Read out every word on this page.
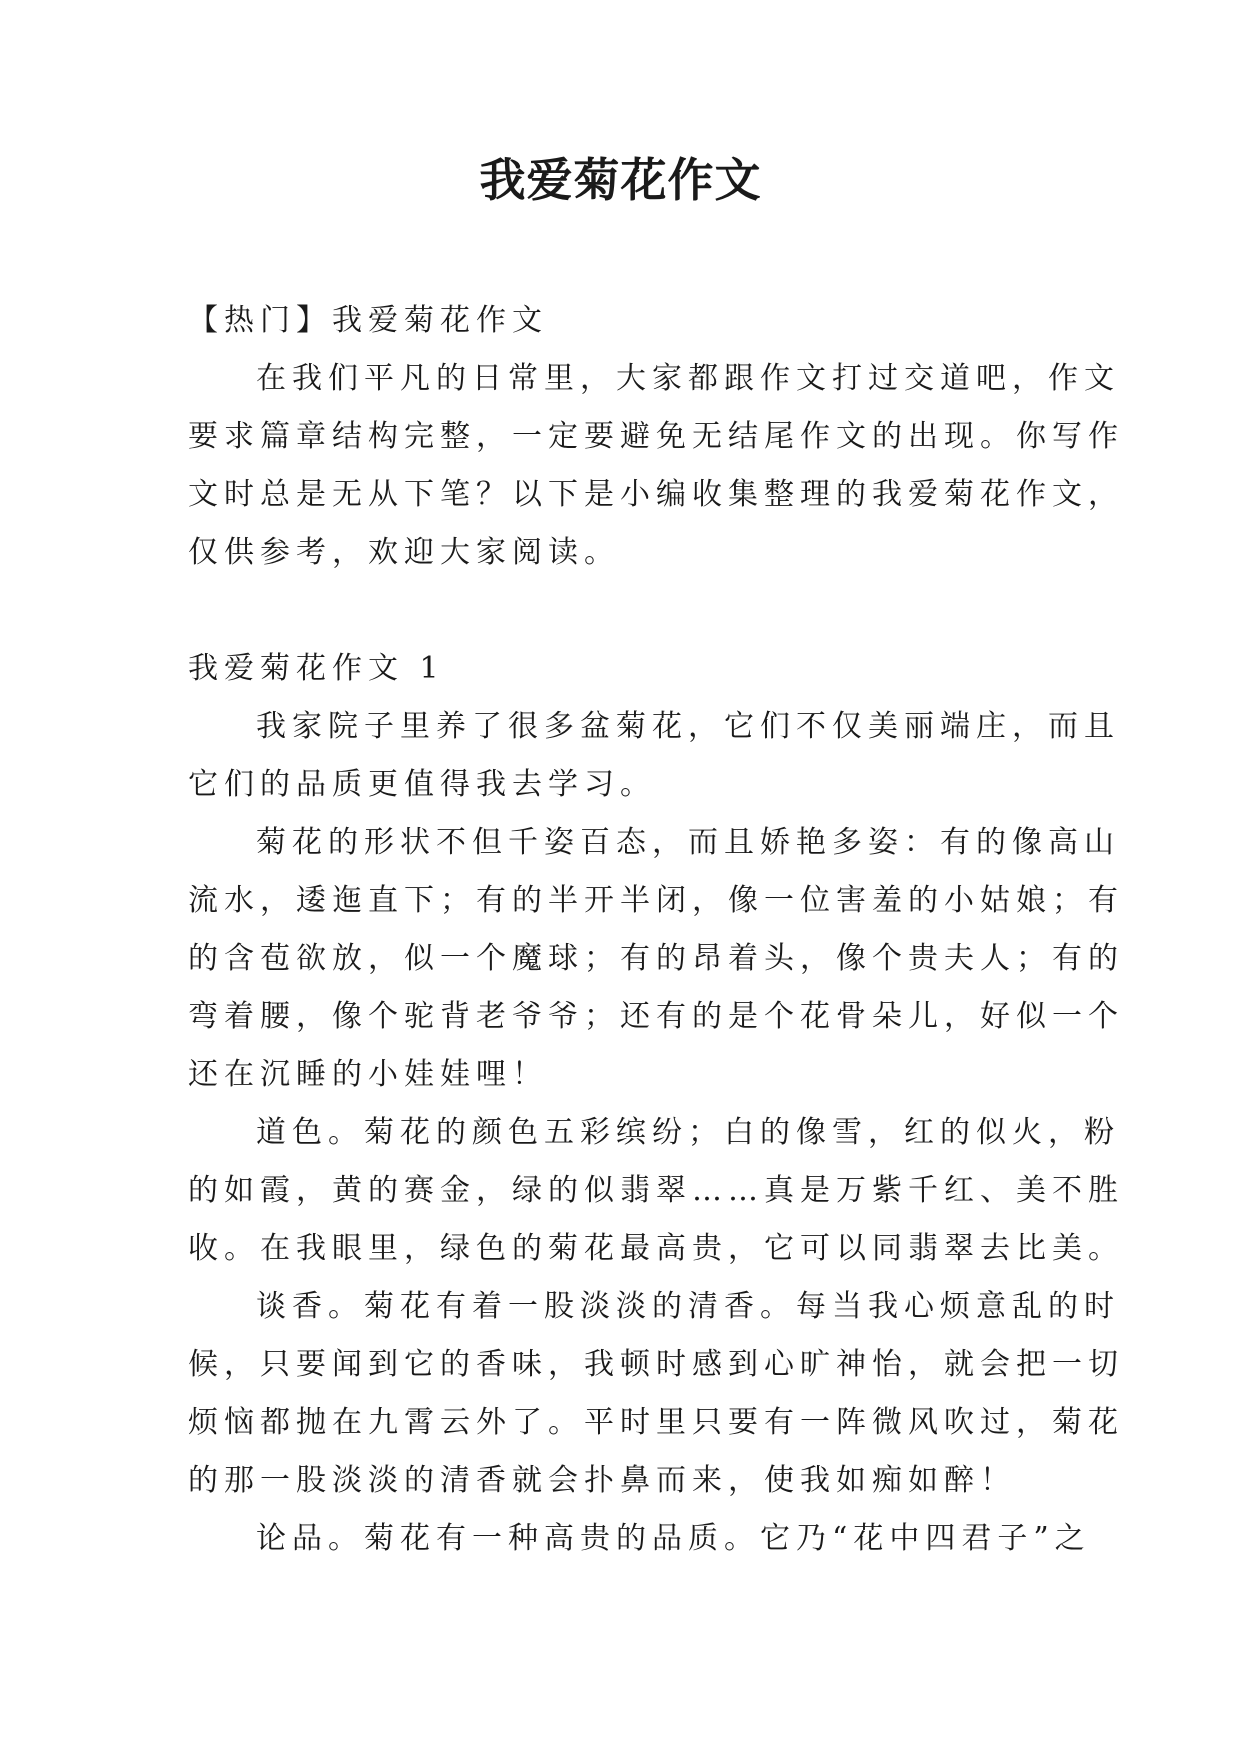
我爱菊花作文
【热门】我爱菊花作文
在我们平凡的日常里，大家都跟作文打过交道吧，作文
要求篇章结构完整，一定要避免无结尾作文的出现。你写作
文时总是无从下笔？以下是小编收集整理的我爱菊花作文，
仅供参考，欢迎大家阅读。
我爱菊花作文 1
我家院子里养了很多盆菊花，它们不仅美丽端庄，而且
它们的品质更值得我去学习。
菊花的形状不但千姿百态，而且娇艳多姿：有的像高山
流水，逶迤直下；有的半开半闭，像一位害羞的小姑娘；有
的含苞欲放，似一个魔球；有的昂着头，像个贵夫人；有的
弯着腰，像个驼背老爷爷；还有的是个花骨朵儿，好似一个
还在沉睡的小娃娃哩！
道色。菊花的颜色五彩缤纷；白的像雪，红的似火，粉
的如霞，黄的赛金，绿的似翡翠……真是万紫千红、美不胜
收。在我眼里，绿色的菊花最高贵，它可以同翡翠去比美。
谈香。菊花有着一股淡淡的清香。每当我心烦意乱的时
候，只要闻到它的香味，我顿时感到心旷神怡，就会把一切
烦恼都抛在九霄云外了。平时里只要有一阵微风吹过，菊花
的那一股淡淡的清香就会扑鼻而来，使我如痴如醉！
论品。菊花有一种高贵的品质。它乃“花中四君子”之
